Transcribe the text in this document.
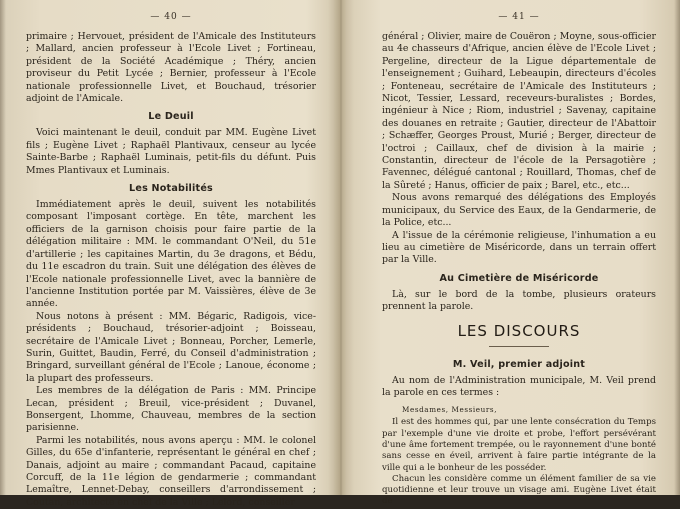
— 40 —

primaire ; Hervouet, président de l'Amicale des Instituteurs ; Mallard, ancien professeur à l'Ecole Livet ; Fortineau, président de la Société Académique ; Théry, ancien proviseur du Petit Lycée ; Bernier, professeur à l'Ecole nationale professionnelle Livet, et Bouchaud, trésorier adjoint de l'Amicale.

Le Deuil

Voici maintenant le deuil, conduit par MM. Eugène Livet fils ; Eugène Livet ; Raphaël Plantivaux, censeur au lycée Sainte-Barbe ; Raphaël Luminais, petit-fils du défunt. Puis Mmes Plantivaux et Luminais.

Les Notabilités

Immédiatement après le deuil, suivent les notabilités composant l'imposant cortège. En tête, marchent les officiers de la garnison choisis pour faire partie de la délégation militaire : MM. le commandant O'Neil, du 51e d'artillerie ; les capitaines Martin, du 3e dragons, et Bédu, du 11e escadron du train. Suit une délégation des élèves de l'Ecole nationale professionnelle Livet, avec la bannière de l'ancienne Institution portée par M. Vaissières, élève de 3e année.

Nous notons à présent : MM. Bégaric, Radigois, vice-présidents ; Bouchaud, trésorier-adjoint ; Boisseau, secrétaire de l'Amicale Livet ; Bonneau, Porcher, Lemerle, Surin, Guittet, Baudin, Ferré, du Conseil d'administration ; Bringard, surveillant général de l'Ecole ; Lanoue, économe ; la plupart des professeurs.

Les membres de la délégation de Paris : MM. Principe Lecan, président ; Breuil, vice-président ; Duvanel, Bonsergent, Lhomme, Chauveau, membres de la section parisienne.

Parmi les notabilités, nous avons aperçu : MM. le colonel Gilles, du 65e d'infanterie, représentant le général en chef ; Danais, adjoint au maire ; commandant Pacaud, capitaine Corcuff, de la 11e légion de gendarmerie ; commandant Lemaître, Lennet-Debay, conseillers d'arrondissement ; Coutan, architecte en chef de la Ville ; Lelord, conseiller

— 41 —

général ; Olivier, maire de Couëron ; Moyne, sous-officier au 4e chasseurs d'Afrique, ancien élève de l'Ecole Livet ; Pergeline, directeur de la Ligue départementale de l'enseignement ; Guihard, Lebeaupin, directeurs d'écoles ; Fonteneau, secrétaire de l'Amicale des Instituteurs ; Nicot, Tessier, Lessard, receveurs-buralistes ; Bordes, ingénieur à Nice ; Riom, industriel ; Savenay, capitaine des douanes en retraite ; Gautier, directeur de l'Abattoir ; Schæffer, Georges Proust, Murié ; Berger, directeur de l'octroi ; Caillaux, chef de division à la mairie ; Constantin, directeur de l'école de la Persagotière ; Favennec, délégué cantonal ; Rouillard, Thomas, chef de la Sûreté ; Hanus, officier de paix ; Barel, etc., etc...

Nous avons remarqué des délégations des Employés municipaux, du Service des Eaux, de la Gendarmerie, de la Police, etc...

A l'issue de la cérémonie religieuse, l'inhumation a eu lieu au cimetière de Miséricorde, dans un terrain offert par la Ville.

Au Cimetière de Miséricorde

Là, sur le bord de la tombe, plusieurs orateurs prennent la parole.

LES DISCOURS
M. Veil, premier adjoint

Au nom de l'Administration municipale, M. Veil prend la parole en ces termes :

Mesdames, Messieurs,

Il est des hommes qui, par une lente consécration du Temps par l'exemple d'une vie droite et probe, l'effort persévérant d'une âme fortement trempée, ou le rayonnement d'une bonté sans cesse en éveil, arrivent à faire partie intégrante de la ville qui a le bonheur de les posséder.

Chacun les considère comme un élément familier de sa vie quotidienne et leur trouve un visage ami. Eugène Livet était de
